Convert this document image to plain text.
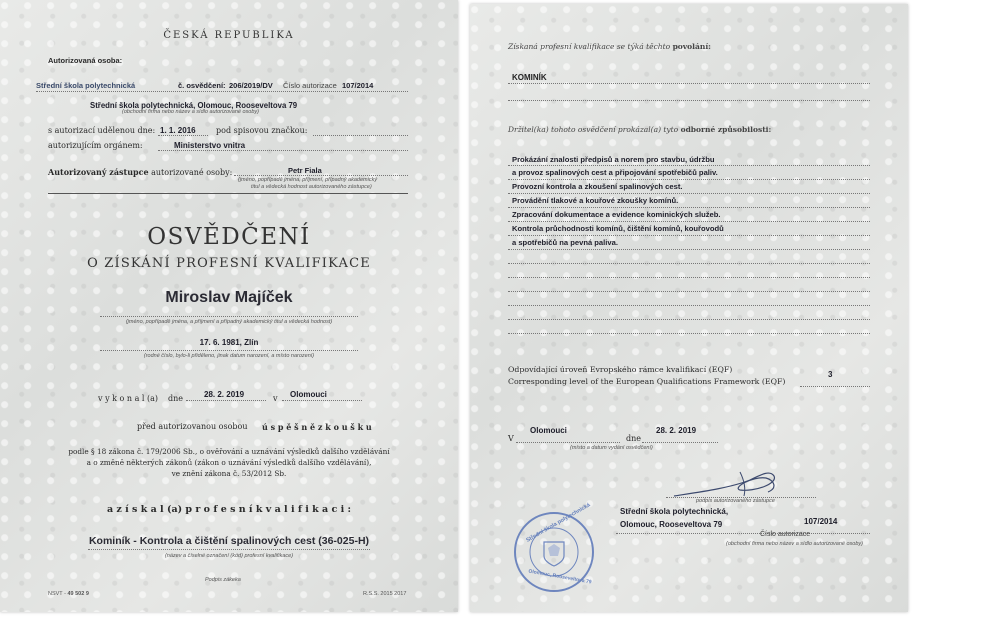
ČESKÁ REPUBLIKA
Autorizovaná osoba:
Střední škola polytechnická	č. osvědčení: 206/2019/DV Číslo autorizace 107/2014
Střední škola polytechnická, Olomouc, Rooseveltova 79
(obchodní firma nebo název a sídlo autorizované osoby)
s autorizací udělenou dne: 1. 1. 2016	pod spisovou značkou:
autorizujícím orgánem:	Ministerstvo vnitra
Autorizovaný zástupce autorizované osoby:	Petr Fiala
(jméno, popřípadě jména, příjmení, případný akademický
titul a vědecká hodnost autorizovaného zástupce)
OSVĚDČENÍ
O ZÍSKÁNÍ PROFESNÍ KVALIFIKACE
Miroslav Majíček
(jméno, popřípadě jména, a příjmení a případný akademický titul a vědecká hodnost)
17. 6. 1981, Zlín
(rodné číslo, bylo-li přiděleno, jinak datum narození, a místo narození)
v y k o n a l (a) dne	28. 2. 2019	v Olomouci
před autorizovanou osobou ú s p ě š n ě z k o u š k u
podle § 18 zákona č. 179/2006 Sb., o ověřování a uznávání výsledků dalšího vzdělávání
a o změně některých zákonů (zákon o uznávání výsledků dalšího vzdělávání),
ve znění zákona č. 53/2012 Sb.
a z í s k a l (a) p r o f e s n í k v a l i f i k a c i :
Kominík - Kontrola a čištění spalinových cest (36-025-H)
(název a číselné označení (kód) profesní kvalifikace)
Podpis zákeka
NSVT - 49 502 9	R.S.S. 2015 2017
Získaná profesní kvalifikace se týká těchto povolání:
KOMINÍK
Držitel(ka) tohoto osvědčení prokázal(a) tyto odborné způsobilosti:
Prokázání znalosti předpisů a norem pro stavbu, údržbu
a provoz spalinových cest a připojování spotřebičů paliv.
Provozní kontrola a zkoušení spalinových cest.
Provádění tlakové a kouřové zkoušky komínů.
Zpracování dokumentace a evidence kominických služeb.
Kontrola průchodnosti komínů, čištění komínů, kouřovodů
a spotřebičů na pevná paliva.
Odpovídající úroveň Evropského rámce kvalifikací (EQF)
Corresponding level of the European Qualifications Framework (EQF)
3
V
Olomouci
dne
28. 2. 2019
(místo a datum vydání osvědčení)
podpis autorizovaného zástupce
Střední škola polytechnická,
Olomouc, Rooseveltova 79	107/2014
Číslo autorizace
(obchodní firma nebo název a sídlo autorizované osoby)
Střední škola polytechnická
Olomouc, Rooseveltova 79
